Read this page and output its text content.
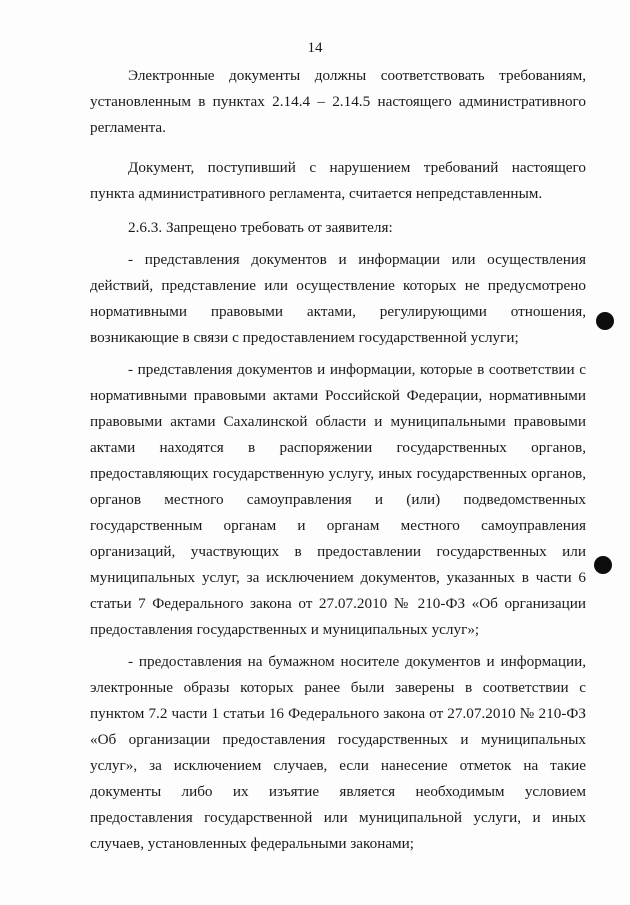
14

Электронные документы должны соответствовать требованиям, установленным в пунктах 2.14.4 – 2.14.5 настоящего административного регламента.

Документ, поступивший с нарушением требований настоящего пункта административного регламента, считается непредставленным.

2.6.3. Запрещено требовать от заявителя:

- представления документов и информации или осуществления действий, представление или осуществление которых не предусмотрено нормативными правовыми актами, регулирующими отношения, возникающие в связи с предоставлением государственной услуги;

- представления документов и информации, которые в соответствии с нормативными правовыми актами Российской Федерации, нормативными правовыми актами Сахалинской области и муниципальными правовыми актами находятся в распоряжении государственных органов, предоставляющих государственную услугу, иных государственных органов, органов местного самоуправления и (или) подведомственных государственным органам и органам местного самоуправления организаций, участвующих в предоставлении государственных или муниципальных услуг, за исключением документов, указанных в части 6 статьи 7 Федерального закона от 27.07.2010 № 210-ФЗ «Об организации предоставления государственных и муниципальных услуг»;

- предоставления на бумажном носителе документов и информации, электронные образы которых ранее были заверены в соответствии с пунктом 7.2 части 1 статьи 16 Федерального закона от 27.07.2010 № 210-ФЗ «Об организации предоставления государственных и муниципальных услуг», за исключением случаев, если нанесение отметок на такие документы либо их изъятие является необходимым условием предоставления государственной или муниципальной услуги, и иных случаев, установленных федеральными законами;
